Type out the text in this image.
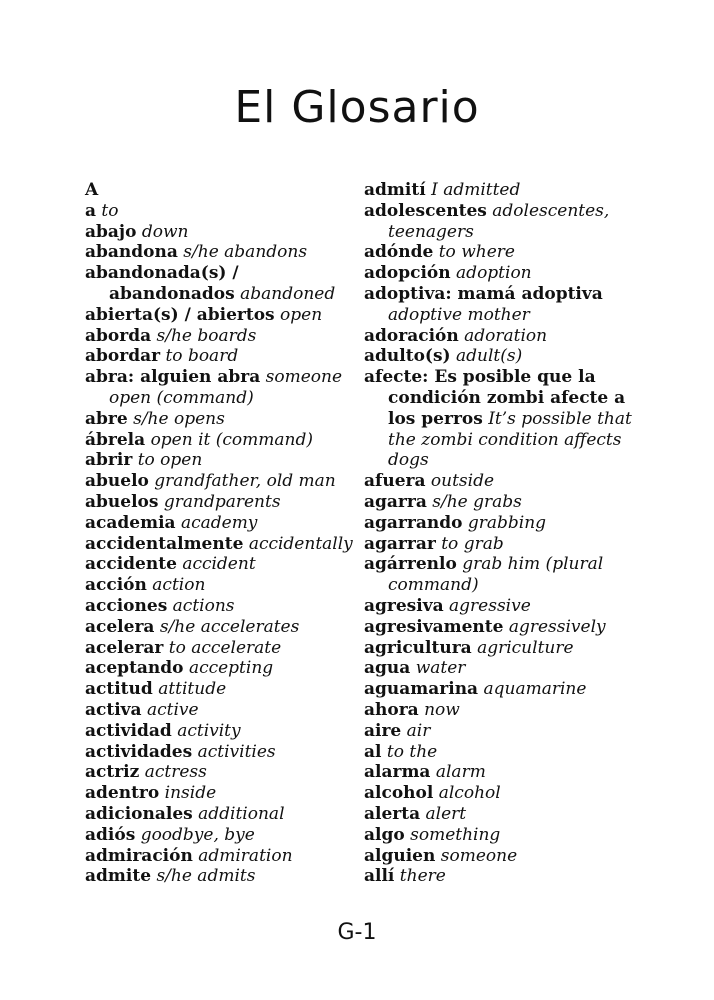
El Glosario

A

a to

abajo down

abandona s/he abandons

abandonada(s) / abandonados abandoned

abierta(s) / abiertos open

aborda s/he boards

abordar to board

abra: alguien abra someone open (command)

abre s/he opens

ábrela open it (command)

abrir to open

abuelo grandfather, old man

abuelos grandparents

academia academy

accidentalmente accidentally

accidente accident

acción action

acciones actions

acelera s/he accelerates

acelerar to accelerate

aceptando accepting

actitud attitude

activa active

actividad activity

actividades activities

actriz actress

adentro inside

adicionales additional

adiós goodbye, bye

admiración admiration

admite s/he admits

admití I admitted

adolescentes adolescentes, teenagers

adónde to where

adopción adoption

adoptiva: mamá adoptiva adoptive mother

adoración adoration

adulto(s) adult(s)

afecte: Es posible que la condición zombi afecte a los perros It’s possible that the zombi condition affects dogs

afuera outside

agarra s/he grabs

agarrando grabbing

agarrar to grab

agárrenlo grab him (plural command)

agresiva agressive

agresivamente agressively

agricultura agriculture

agua water

aguamarina aquamarine

ahora now

aire air

al to the

alarma alarm

alcohol alcohol

alerta alert

algo something

alguien someone

allí there

G-1
